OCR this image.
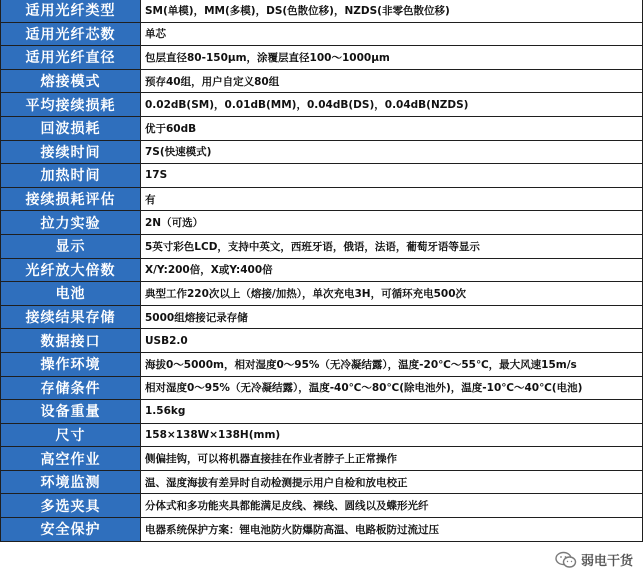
适用光纤类型	SM(单模)，MM(多模)，DS(色散位移)，NZDS(非零色散位移)
适用光纤芯数	单芯
适用光纤直径	包层直径80-150μm，涂覆层直径100～1000μm
熔接模式	预存40组，用户自定义80组
平均接续损耗	0.02dB(SM)，0.01dB(MM)，0.04dB(DS)，0.04dB(NZDS)
回波损耗	优于60dB
接续时间	7S(快速模式)
加热时间	17S
接续损耗评估	有
拉力实验	2N（可选）
显示	5英寸彩色LCD，支持中英文，西班牙语，俄语，法语，葡萄牙语等显示
光纤放大倍数	X/Y:200倍，X或Y:400倍
电池	典型工作220次以上（熔接/加热），单次充电3H，可循环充电500次
接续结果存储	5000组熔接记录存储
数据接口	USB2.0
操作环境	海拔0～5000m，相对湿度0～95%（无冷凝结露），温度-20℃～55℃，最大风速15m/s
存储条件	相对湿度0～95%（无冷凝结露），温度-40℃～80℃(除电池外)，温度-10℃～40℃(电池)
设备重量	1.56kg
尺寸	158×138W×138H(mm)
高空作业	侧偏挂钩，可以将机器直接挂在作业者脖子上正常操作
环境监测	温、湿度海拔有差异时自动检测提示用户自检和放电校正
多选夹具	分体式和多功能夹具都能满足皮线、裸线、圆线以及蝶形光纤
安全保护	电器系统保护方案：锂电池防火防爆防高温、电路板防过流过压
弱电干货
